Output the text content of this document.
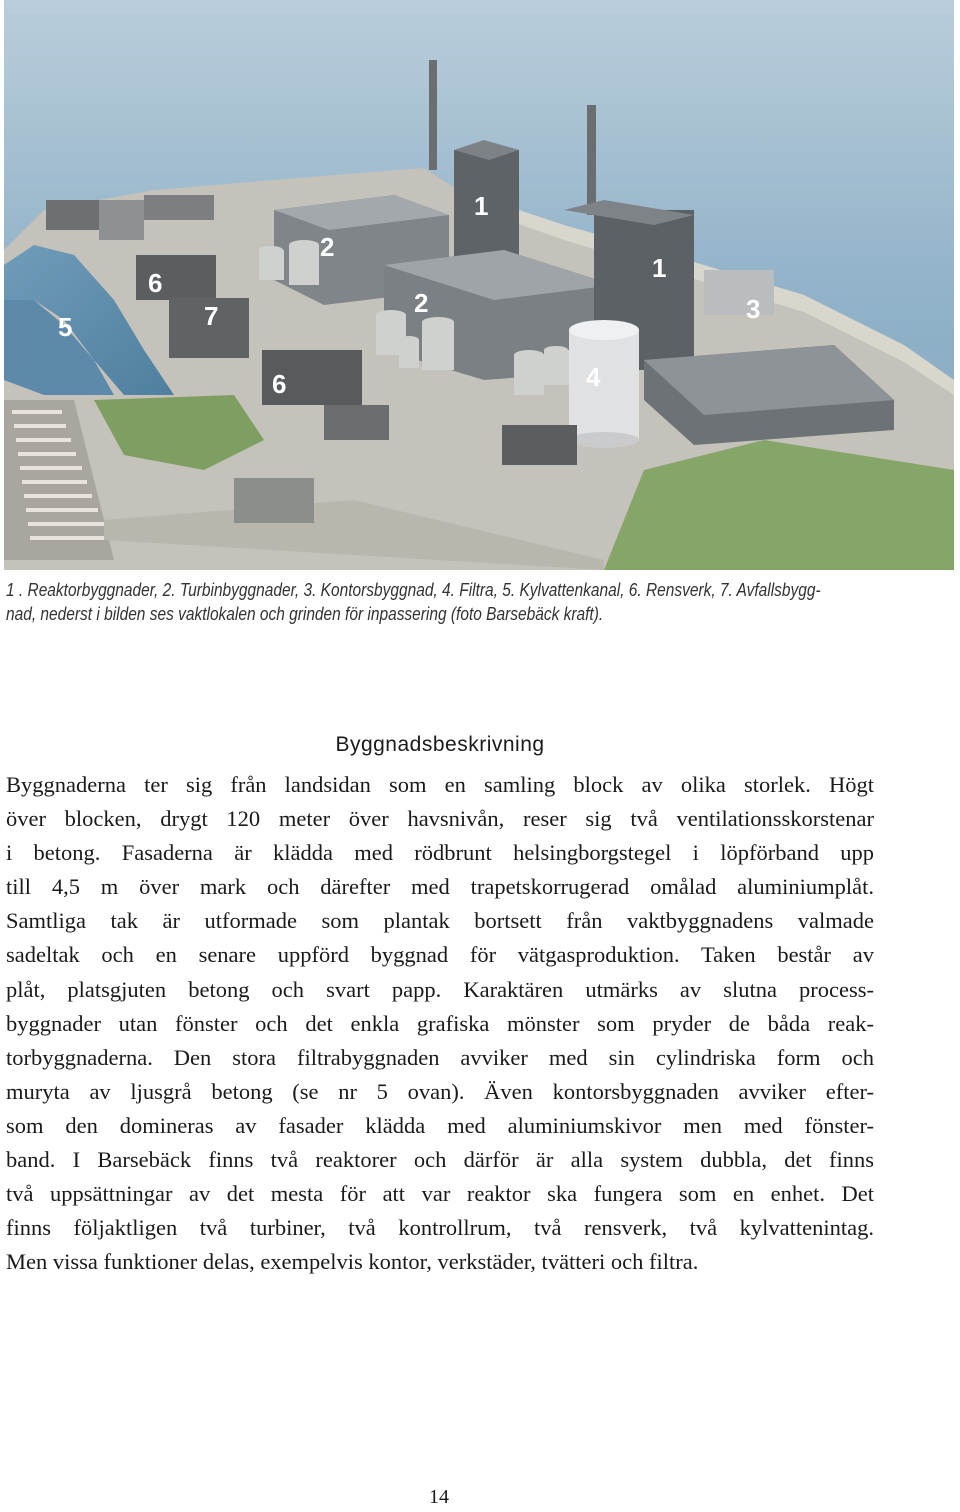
1
1
2
2	3
4
5
6
6
7
1 . Reaktorbyggnader, 2. Turbinbyggnader, 3. Kontorsbyggnad, 4. Filtra, 5. Kylvattenkanal, 6. Rensverk, 7. Avfallsbygg-
nad, nederst i bilden ses vaktlokalen och grinden för inpassering (foto Barsebäck kraft).
Byggnadsbeskrivning
Byggnaderna ter sig från landsidan som en samling block av olika storlek. Högt
över blocken, drygt 120 meter över havsnivån, reser sig två ventilationsskorstenar
i betong. Fasaderna är klädda med rödbrunt helsingborgstegel i löpförband upp
till 4,5 m över mark och därefter med trapetskorrugerad omålad aluminiumplåt.
Samtliga tak är utformade som plantak bortsett från vaktbyggnadens valmade
sadeltak och en senare uppförd byggnad för vätgasproduktion. Taken består av
plåt, platsgjuten betong och svart papp. Karaktären utmärks av slutna process-
byggnader utan fönster och det enkla grafiska mönster som pryder de båda reak-
torbyggnaderna. Den stora filtrabyggnaden avviker med sin cylindriska form och
muryta av ljusgrå betong (se nr 5 ovan). Även kontorsbyggnaden avviker efter-
som den domineras av fasader klädda med aluminiumskivor men med fönster-
band. I Barsebäck finns två reaktorer och därför är alla system dubbla, det finns
två uppsättningar av det mesta för att var reaktor ska fungera som en enhet. Det
finns följaktligen två turbiner, två kontrollrum, två rensverk, två kylvattenintag.
Men vissa funktioner delas, exempelvis kontor, verkstäder, tvätteri och filtra.
14
